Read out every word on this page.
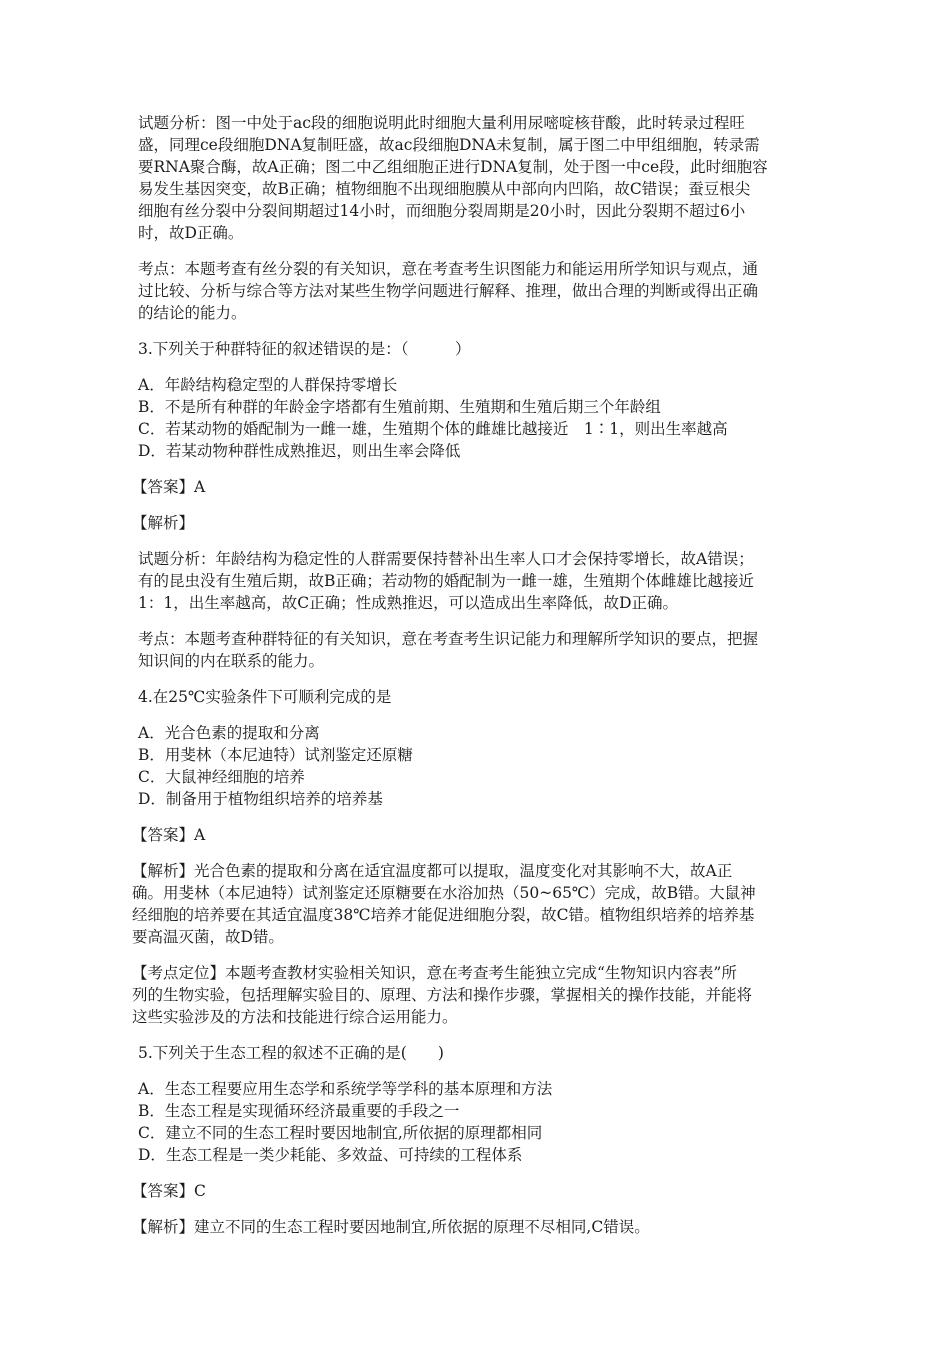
试题分析：图一中处于ac段的细胞说明此时细胞大量利用尿嘧啶核苷酸，此时转录过程旺
盛，同理ce段细胞DNA复制旺盛，故ac段细胞DNA未复制，属于图二中甲组细胞，转录需
要RNA聚合酶，故A正确；图二中乙组细胞正进行DNA复制，处于图一中ce段，此时细胞容
易发生基因突变，故B正确；植物细胞不出现细胞膜从中部向内凹陷，故C错误；蚕豆根尖
细胞有丝分裂中分裂间期超过14小时，而细胞分裂周期是20小时，因此分裂期不超过6小
时，故D正确。
考点：本题考查有丝分裂的有关知识，意在考查考生识图能力和能运用所学知识与观点，通
过比较、分析与综合等方法对某些生物学问题进行解释、推理，做出合理的判断或得出正确
的结论的能力。
3.下列关于种群特征的叙述错误的是：（　　　）
A．年龄结构稳定型的人群保持零增长
B．不是所有种群的年龄金字塔都有生殖前期、生殖期和生殖后期三个年龄组
C．若某动物的婚配制为一雌一雄，生殖期个体的雌雄比越接近　1∶1，则出生率越高
D．若某动物种群性成熟推迟，则出生率会降低
【答案】A
【解析】
试题分析：年龄结构为稳定性的人群需要保持替补出生率人口才会保持零增长，故A错误；
有的昆虫没有生殖后期，故B正确；若动物的婚配制为一雌一雄，生殖期个体雌雄比越接近
1：1，出生率越高，故C正确；性成熟推迟，可以造成出生率降低，故D正确。
考点：本题考查种群特征的有关知识，意在考查考生识记能力和理解所学知识的要点，把握
知识间的内在联系的能力。
4.在25℃实验条件下可顺利完成的是
A．光合色素的提取和分离
B．用斐林（本尼迪特）试剂鉴定还原糖
C．大鼠神经细胞的培养
D．制备用于植物组织培养的培养基
【答案】A
【解析】光合色素的提取和分离在适宜温度都可以提取，温度变化对其影响不大，故A正
确。用斐林（本尼迪特）试剂鉴定还原糖要在水浴加热（50~65℃）完成，故B错。大鼠神
经细胞的培养要在其适宜温度38℃培养才能促进细胞分裂，故C错。植物组织培养的培养基
要高温灭菌，故D错。
【考点定位】本题考查教材实验相关知识，意在考查考生能独立完成“生物知识内容表”所
列的生物实验，包括理解实验目的、原理、方法和操作步骤，掌握相关的操作技能，并能将
这些实验涉及的方法和技能进行综合运用能力。
5.下列关于生态工程的叙述不正确的是(　　)
A．生态工程要应用生态学和系统学等学科的基本原理和方法
B．生态工程是实现循环经济最重要的手段之一
C．建立不同的生态工程时要因地制宜,所依据的原理都相同
D．生态工程是一类少耗能、多效益、可持续的工程体系
【答案】C
【解析】建立不同的生态工程时要因地制宜,所依据的原理不尽相同,C错误。
